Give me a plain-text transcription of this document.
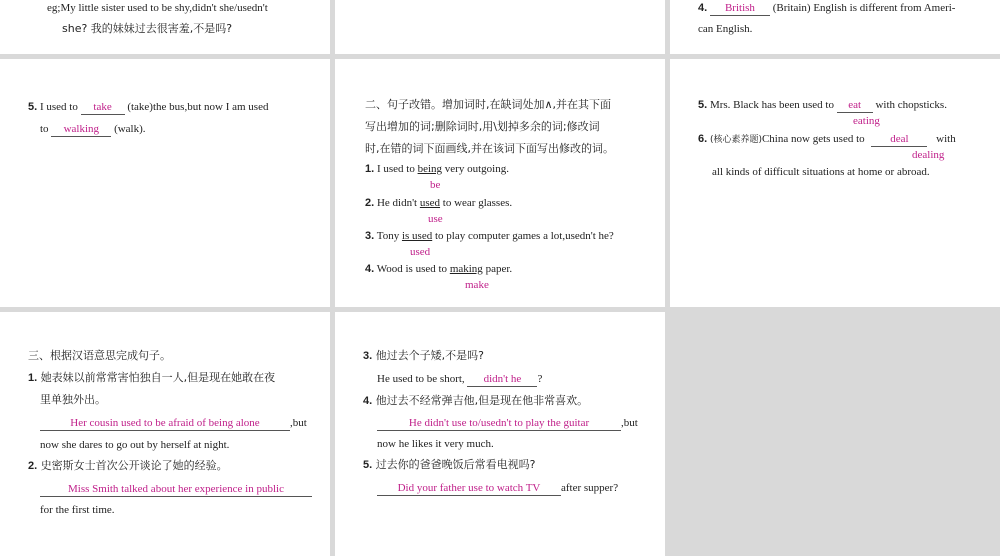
eg;My little sister used to be shy,didn't she/usedn't
she? 我的妹妹过去很害羞,不是吗?
4. British (Britain) English is different from Ameri-
can English.
5. I used to take (take)the bus,but now I am used
to walking (walk).
二、句子改错。增加词时,在缺词处加∧,并在其下面
写出增加的词;删除词时,用\划掉多余的词;修改词
时,在错的词下面画线,并在该词下面写出修改的词。
1. I used to being very outgoing.
be
2. He didn't used to wear glasses.
use
3. Tony is used to play computer games a lot,usedn't he?
used
4. Wood is used to making paper.
make
5. Mrs. Black has been used to eat with chopsticks.
eating
6. (核心素养题)China now gets used to deal	with
dealing
all kinds of difficult situations at home or abroad.
三、根据汉语意思完成句子。
1. 她表妹以前常常害怕独自一人,但是现在她敢在夜
里单独外出。
Her cousin used to be afraid of being alone	,but
now she dares to go out by herself at night.
2. 史密斯女士首次公开谈论了她的经验。
Miss Smith talked about her experience in public
for the first time.
3. 他过去个子矮,不是吗?
He used to be short, didn't he ?
4. 他过去不经常弹吉他,但是现在他非常喜欢。
He didn't use to/usedn't to play the guitar	,but
now he likes it very much.
5. 过去你的爸爸晚饭后常看电视吗?
Did your father use to watch TV after supper?
